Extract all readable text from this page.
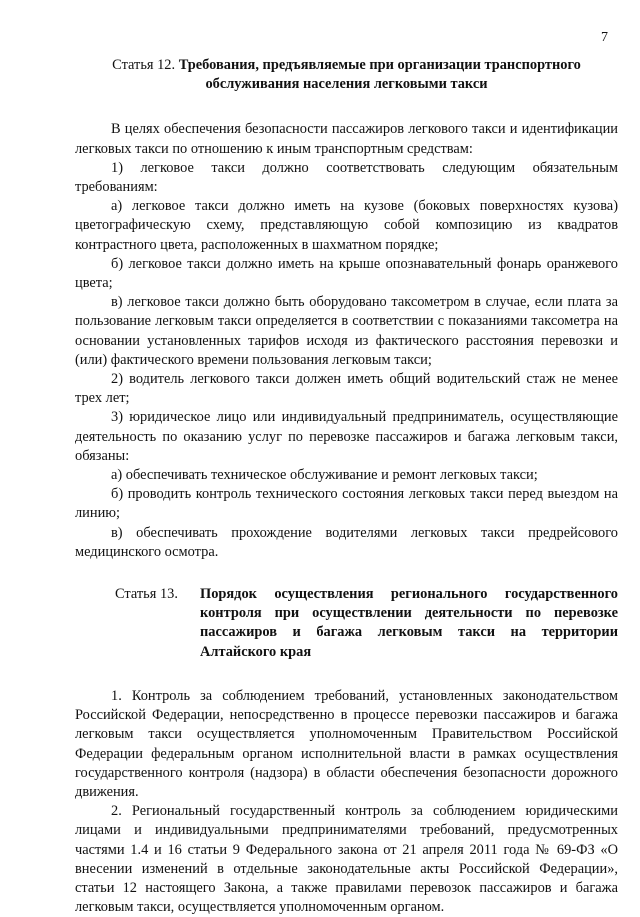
7
Статья 12. Требования, предъявляемые при организации транспортного обслуживания населения легковыми такси

В целях обеспечения безопасности пассажиров легкового такси и идентификации легковых такси по отношению к иным транспортным средствам:

1) легковое такси должно соответствовать следующим обязательным требованиям:

а) легковое такси должно иметь на кузове (боковых поверхностях кузова) цветографическую схему, представляющую собой композицию из квадратов контрастного цвета, расположенных в шахматном порядке;

б) легковое такси должно иметь на крыше опознавательный фонарь оранжевого цвета;

в) легковое такси должно быть оборудовано таксометром в случае, если плата за пользование легковым такси определяется в соответствии с показаниями таксометра на основании установленных тарифов исходя из фактического расстояния перевозки и (или) фактического времени пользования легковым такси;

2) водитель легкового такси должен иметь общий водительский стаж не менее трех лет;

3) юридическое лицо или индивидуальный предприниматель, осуществляющие деятельность по оказанию услуг по перевозке пассажиров и багажа легковым такси, обязаны:

а) обеспечивать техническое обслуживание и ремонт легковых такси;

б) проводить контроль технического состояния легковых такси перед выездом на линию;

в) обеспечивать прохождение водителями легковых такси предрейсового медицинского осмотра.

Статья 13.	Порядок осуществления регионального государственного контроля при осуществлении деятельности по перевозке пассажиров и багажа легковым такси на территории Алтайского края

1. Контроль за соблюдением требований, установленных законодательством Российской Федерации, непосредственно в процессе перевозки пассажиров и багажа легковым такси осуществляется уполномоченным Правительством Российской Федерации федеральным органом исполнительной власти в рамках осуществления государственного контроля (надзора) в области обеспечения безопасности дорожного движения.

2. Региональный государственный контроль за соблюдением юридическими лицами и индивидуальными предпринимателями требований, предусмотренных частями 1.4 и 16 статьи 9 Федерального закона от 21 апреля 2011 года № 69-ФЗ «О внесении изменений в отдельные законодательные акты Российской Федерации», статьи 12 настоящего Закона, а также правилами перевозок пассажиров и багажа легковым такси, осуществляется уполномоченным органом.
